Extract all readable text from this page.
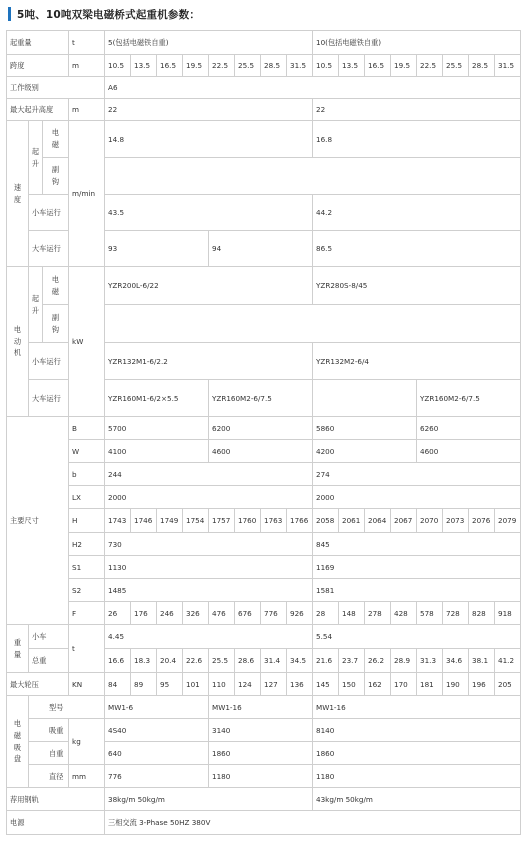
5吨、10吨双梁电磁桥式起重机参数：
起重量			t	5(包括电磁铁自重)								10(包括电磁铁自重)							
跨度			m	10.5	13.5	16.5	19.5	22.5	25.5	28.5	31.5	10.5	13.5	16.5	19.5	22.5	25.5	28.5	31.5
工作级别				A6															
最大起升高度			m	22								22							
速度	起升	电磁	m/min	14.8								16.8							
		副钩																	
	小车运行			43.5								44.2							
	大车运行			93				94				86.5							
电动机	起升	电磁	kW	YZR200L-6/22								YZR280S-8/45							
		副钩																	
	小车运行			YZR132M1-6/2.2								YZR132M2-6/4							
	大车运行			YZR160M1-6/2×5.5				YZR160M2-6/7.5								YZR160M2-6/7.5			
主要尺寸			B	5700				6200				5860				6260			
			W	4100				4600				4200				4600			
			b	244								274							
			LX	2000								2000							
			H	1743	1746	1749	1754	1757	1760	1763	1766	2058	2061	2064	2067	2070	2073	2076	2079
			H2	730								845							
			S1	1130								1169							
			S2	1485								1581							
			F	26	176	246	326	476	676	776	926	28	148	278	428	578	728	828	918
重量	小车		t	4.45								5.54							
	总重			16.6	18.3	20.4	22.6	25.5	28.6	31.4	34.5	21.6	23.7	26.2	28.9	31.3	34.6	38.1	41.2
最大轮压			KN	84	89	95	101	110	124	127	136	145	150	162	170	181	190	196	205
电磁吸盘	型号			MW1-6				MW1-16				MW1-16							
	吸重		kg	4S40				3140				8140							
	自重			640				1860				1860							
	直径		mm	776				1180				1180							
荐用钢轨				38kg/m 50kg/m								43kg/m 50kg/m							
电源				三相交流 3-Phase 50HZ 380V															
